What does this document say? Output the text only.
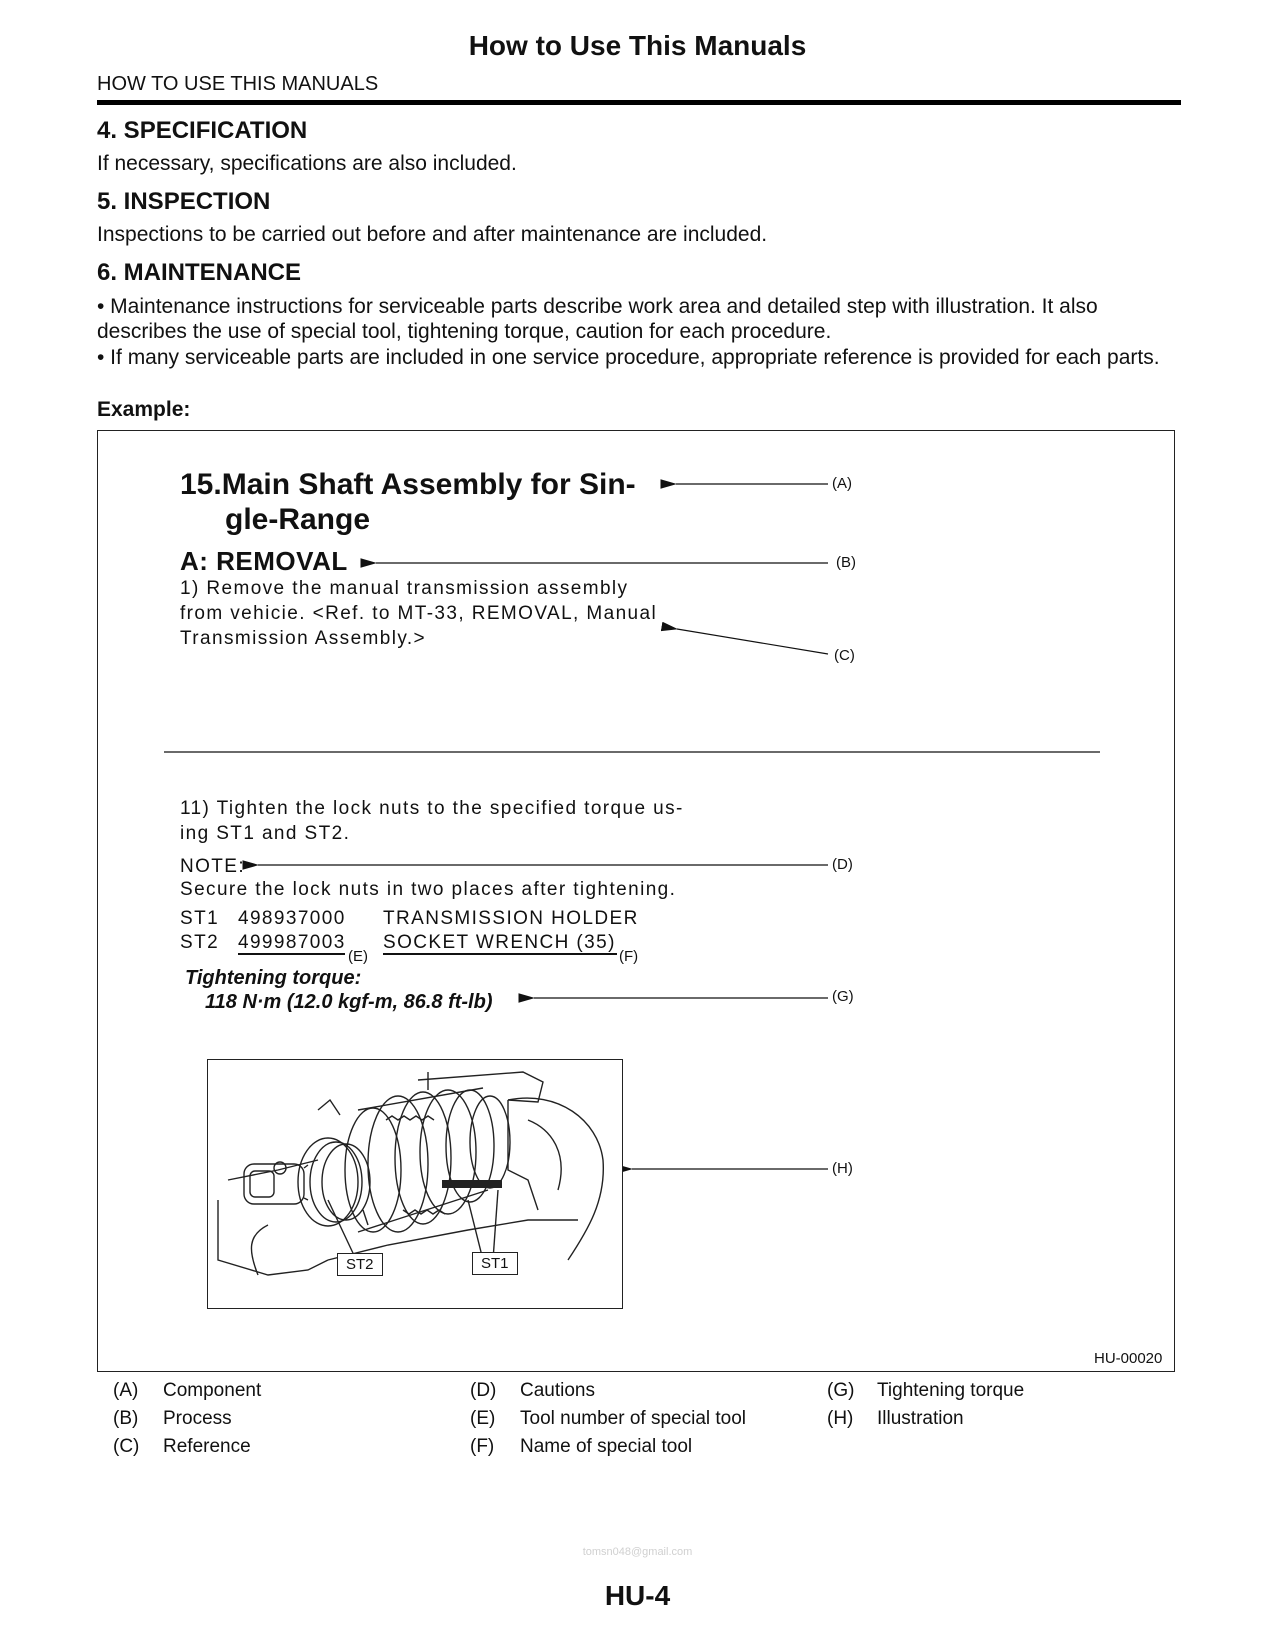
How to Use This Manuals
HOW TO USE THIS MANUALS
4. SPECIFICATION
If necessary, specifications are also included.
5. INSPECTION
Inspections to be carried out before and after maintenance are included.
6. MAINTENANCE
• Maintenance instructions for serviceable parts describe work area and detailed step with illustration. It also describes the use of special tool, tightening torque, caution for each procedure.
• If many serviceable parts are included in one service procedure, appropriate reference is provided for each parts.
Example:
15.Main Shaft Assembly for Sin-
gle-Range
A: REMOVAL
1) Remove the manual transmission assembly
from vehicie. <Ref. to MT-33, REMOVAL, Manual
Transmission Assembly.>
11) Tighten the lock nuts to the specified torque us-
ing ST1 and ST2.
NOTE:
Secure the lock nuts in two places after tightening.
ST1 498937000 TRANSMISSION HOLDER
ST2 499987003 SOCKET WRENCH (35)
Tightening torque:
118 N·m (12.0 kgf-m, 86.8 ft-lb)
(A)
(B)
(C)
(D)
(E)	(F)
(G)
(H)
ST2	ST1
HU-00020
(A) Component
(B) Process
(C) Reference
(D) Cautions
(E) Tool number of special tool
(F) Name of special tool
(G) Tightening torque
(H) Illustration
tomsn048@gmail.com
HU-4
